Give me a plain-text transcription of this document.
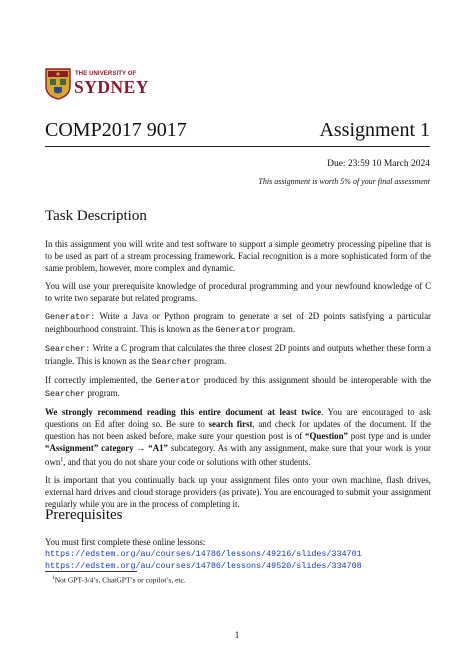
THE UNIVERSITY OF
SYDNEY
COMP2017 9017	Assignment 1
Due: 23:59 10 March 2024
This assignment is worth 5% of your final assessment
Task Description

In this assignment you will write and test software to support a simple geometry processing pipeline that is to be used as part of a stream processing framework. Facial recognition is a more sophisticated form of the same problem, however, more complex and dynamic.

You will use your prerequisite knowledge of procedural programming and your newfound knowledge of C to write two separate but related programs.

Generator: Write a Java or Python program to generate a set of 2D points satisfying a particular neighbourhood constraint. This is known as the Generator program.

Searcher: Write a C program that calculates the three closest 2D points and outputs whether these form a triangle. This is known as the Searcher program.

If correctly implemented, the Generator produced by this assignment should be interoperable with the Searcher program.

We strongly recommend reading this entire document at least twice. You are encouraged to ask questions on Ed after doing so. Be sure to search first, and check for updates of the document. If the question has not been asked before, make sure your question post is of “Question” post type and is under “Assignment” category → “A1” subcategory. As with any assignment, make sure that your work is your own$^1$, and that you do not share your code or solutions with other students.

It is important that you continually back up your assignment files onto your own machine, flash drives, external hard drives and cloud storage providers (as private). You are encouraged to submit your assignment regularly while you are in the process of completing it.

Prerequisites
You must first complete these online lessons:
https://edstem.org/au/courses/14786/lessons/49216/slides/334701
https://edstem.org/au/courses/14786/lessons/49520/slides/334708
$^1$Not GPT-3/4’s, ChatGPT’s or copilot’s, etc.
1
